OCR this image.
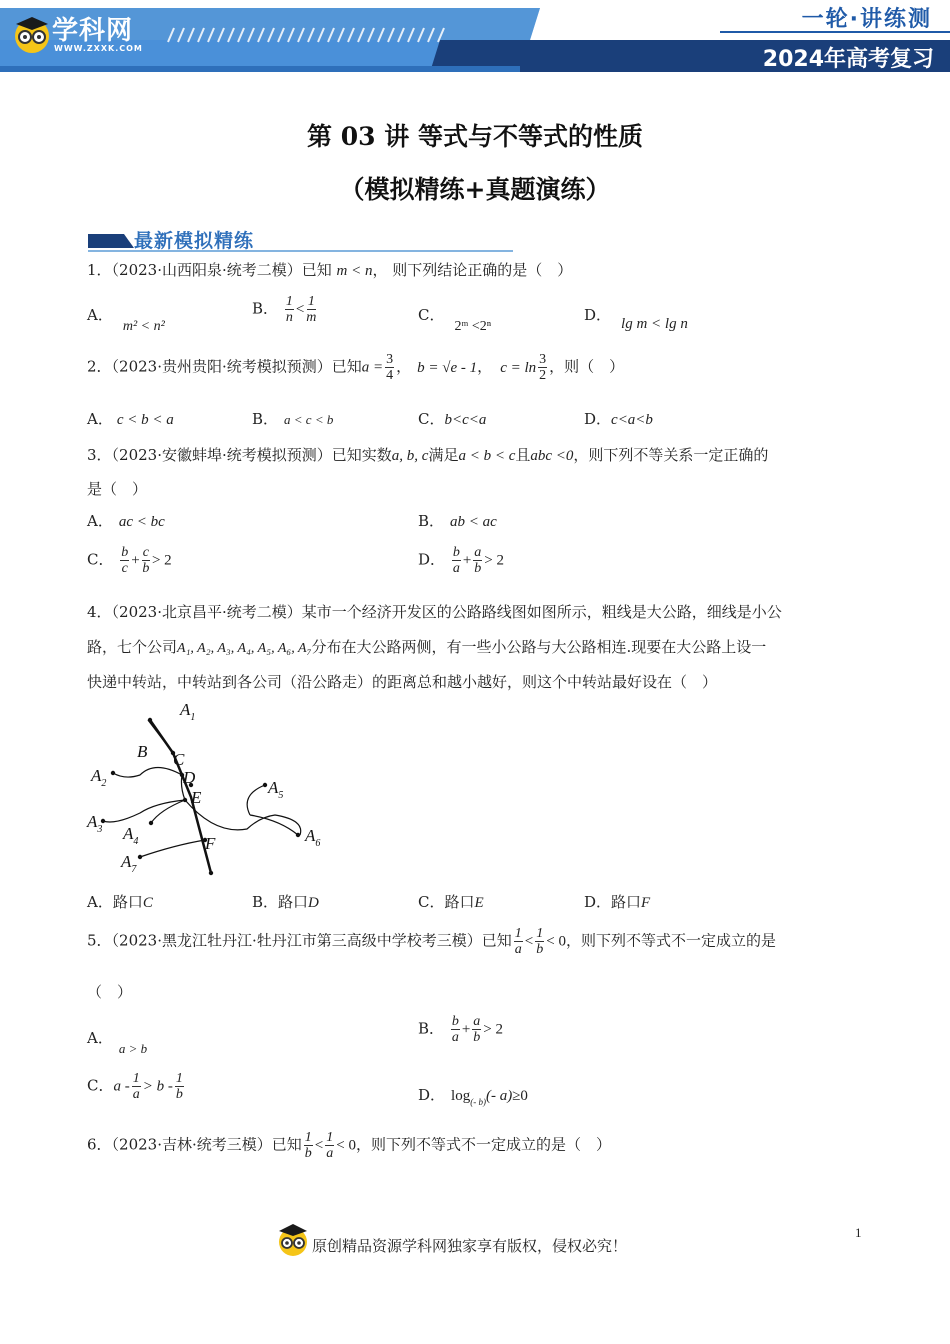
学科网
WWW.ZXXK.COM
一轮·讲练测
2024年高考复习
第 03 讲 等式与不等式的性质
（模拟精练+真题演练）
最新模拟精练
1．（2023·山西阳泉·统考二模）已知 m < n， 则下列结论正确的是（　）
A．m² < n²
B． $\frac{1}{n} < \frac{1}{m}$	C．2ᵐ <2ⁿ
D． lg m < lg n
2．（2023·贵州贵阳·统考模拟预测）已知$a = \frac{3}{4}$ ， b = √e - 1， $c = \ln \frac{3}{2}$ ，则（　）
A． c < b < a	B． a < c < b	C．b<c<a	D．c<a<b
3．（2023·安徽蚌埠·统考模拟预测）已知实数a, b, c满足a < b < c且abc <0，则下列不等关系一定正确的
是（　）
A． ac < bc	B． ab < ac
C． $\frac{b}{c} + \frac{c}{b} > 2$	D． $\frac{b}{a} + \frac{a}{b} > 2$
4．（2023·北京昌平·统考二模）某市一个经济开发区的公路路线图如图所示，粗线是大公路，细线是小公
路，七个公司A₁, A₂, A₃, A₄, A₅, A₆, A₇分布在大公路两侧，有一些小公路与大公路相连.现要在大公路上设一
快递中转站，中转站到各公司（沿公路走）的距离总和越小越好，则这个中转站最好设在（　）
$A_1$
B C
D
E
F
$A_2$
$A_3$ $A_4$
$A_5$
$A_6$
$A_7$
A．路口C	B．路口D	C．路口E	D．路口F
5．（2023·黑龙江牡丹江·牡丹江市第三高级中学校考三模）已知 $\frac{1}{a} < \frac{1}{b} < 0$，则下列不等式不一定成立的是
（　）
A．a > b
B． $\frac{b}{a} + \frac{a}{b} > 2$
C．$a - \frac{1}{a} > b - \frac{1}{b}$	D． $\log_{(- b)}(-$ a)≥0
6．（2023·吉林·统考三模）已知 $\frac{1}{b} < \frac{1}{a} < 0$，则下列不等式不一定成立的是（　）
原创精品资源学科网独家享有版权，侵权必究！
1
